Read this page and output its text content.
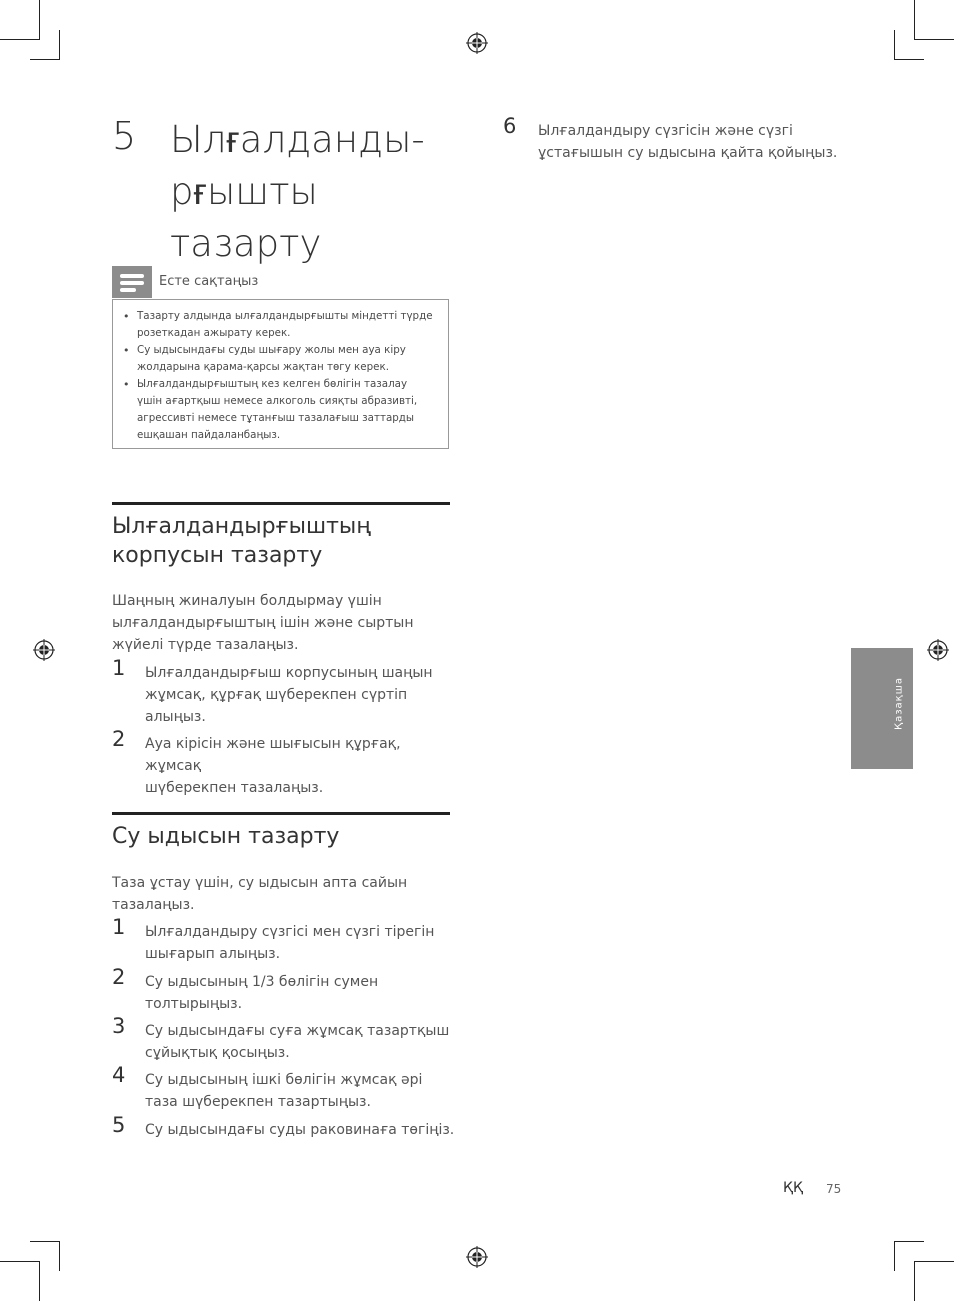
5 Ылғалданды-
рғышты тазарту
Есте сақтаңыз
• Тазарту алдында ылғалдандырғышты міндетті түрде
розеткадан ажырату керек.
• Су ыдысындағы суды шығару жолы мен ауа кіру
жолдарына қарама-қарсы жақтан төгу керек.
• Ылғалдандырғыштың кез келген бөлігін тазалау
үшін ағартқыш немесе алкоголь сияқты абразивті,
агрессивті немесе тұтанғыш тазалағыш заттарды
ешқашан пайдаланбаңыз.
Ылғалдандырғыштың
корпусын тазарту
Шаңның жиналуын болдырмау үшін
ылғалдандырғыштың ішін және сыртын
жүйелі түрде тазалаңыз.
1 Ылғалдандырғыш корпусының шаңын
жұмсақ, құрғақ шүберекпен сүртіп
алыңыз.
2 Ауа кірісін және шығысын құрғақ, жұмсақ
шүберекпен тазалаңыз.
Су ыдысын тазарту
Таза ұстау үшін, су ыдысын апта сайын
тазалаңыз.
1 Ылғалдандыру сүзгісі мен сүзгі тірегін
шығарып алыңыз.
2 Су ыдысының 1/3 бөлігін сумен
толтырыңыз.
3 Су ыдысындағы суға жұмсақ тазартқыш
сұйықтық қосыңыз.
4 Су ыдысының ішкі бөлігін жұмсақ әрі
таза шүберекпен тазартыңыз.
5 Су ыдысындағы суды раковинаға төгіңіз.
6 Ылғалдандыру сүзгісін және сүзгі
ұстағышын су ыдысына қайта қойыңыз.
Қазақша
ҚҚ 75
